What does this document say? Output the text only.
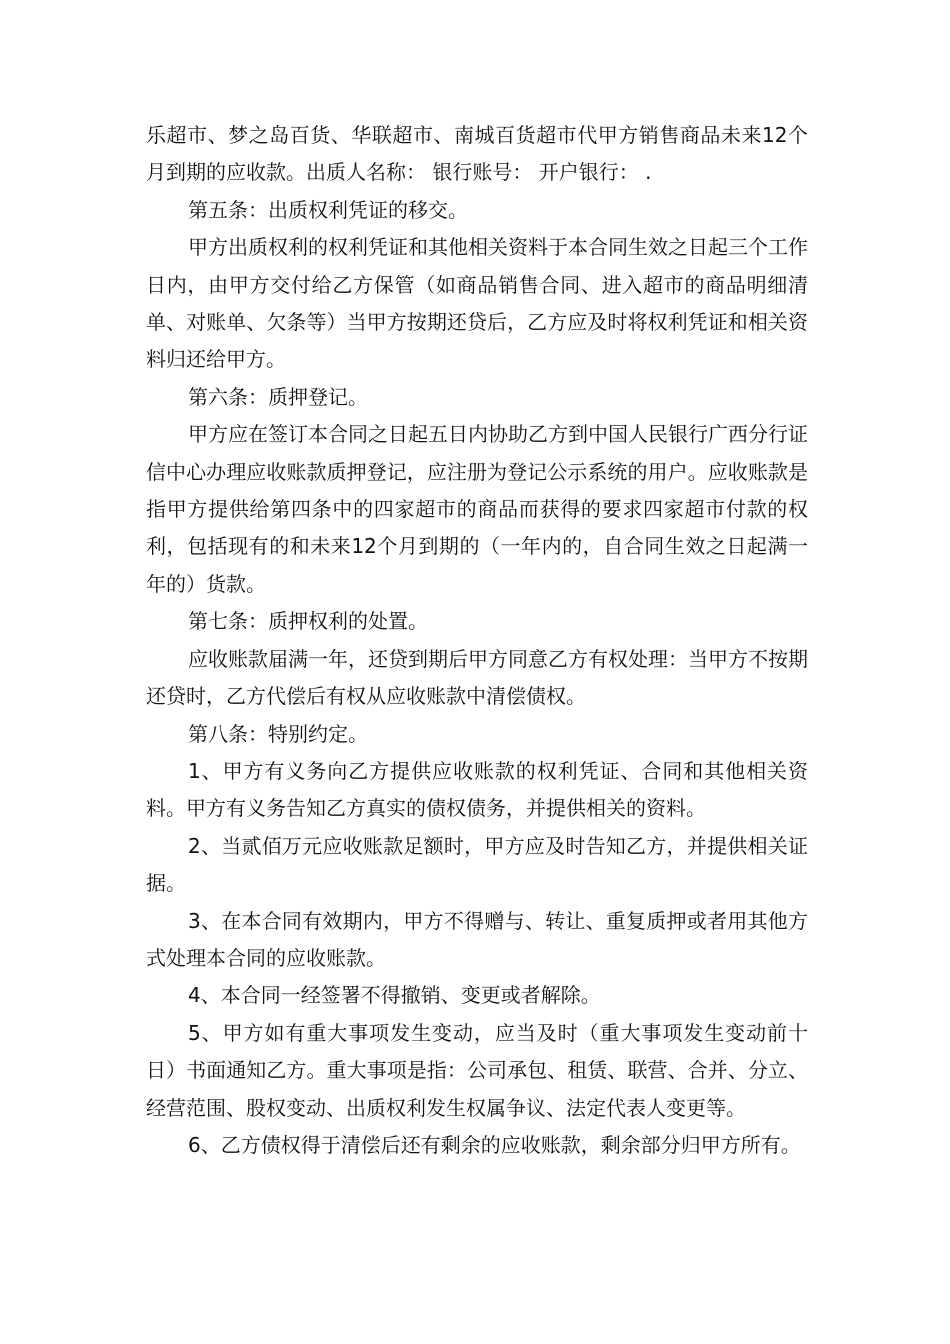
乐超市、梦之岛百货、华联超市、南城百货超市代甲方销售商品未来12个月到期的应收款。出质人名称： 银行账号： 开户银行： .

第五条：出质权利凭证的移交。

甲方出质权利的权利凭证和其他相关资料于本合同生效之日起三个工作日内，由甲方交付给乙方保管（如商品销售合同、进入超市的商品明细清单、对账单、欠条等）当甲方按期还贷后，乙方应及时将权利凭证和相关资料归还给甲方。

第六条：质押登记。

甲方应在签订本合同之日起五日内协助乙方到中国人民银行广西分行证信中心办理应收账款质押登记，应注册为登记公示系统的用户。应收账款是指甲方提供给第四条中的四家超市的商品而获得的要求四家超市付款的权利，包括现有的和未来12个月到期的（一年内的，自合同生效之日起满一年的）货款。

第七条：质押权利的处置。

应收账款届满一年，还贷到期后甲方同意乙方有权处理：当甲方不按期还贷时，乙方代偿后有权从应收账款中清偿债权。

第八条：特别约定。

1、甲方有义务向乙方提供应收账款的权利凭证、合同和其他相关资料。甲方有义务告知乙方真实的债权债务，并提供相关的资料。

2、当贰佰万元应收账款足额时，甲方应及时告知乙方，并提供相关证据。

3、在本合同有效期内，甲方不得赠与、转让、重复质押或者用其他方式处理本合同的应收账款。

4、本合同一经签署不得撤销、变更或者解除。

5、甲方如有重大事项发生变动，应当及时（重大事项发生变动前十日）书面通知乙方。重大事项是指：公司承包、租赁、联营、合并、分立、经营范围、股权变动、出质权利发生权属争议、法定代表人变更等。

6、乙方债权得于清偿后还有剩余的应收账款，剩余部分归甲方所有。
